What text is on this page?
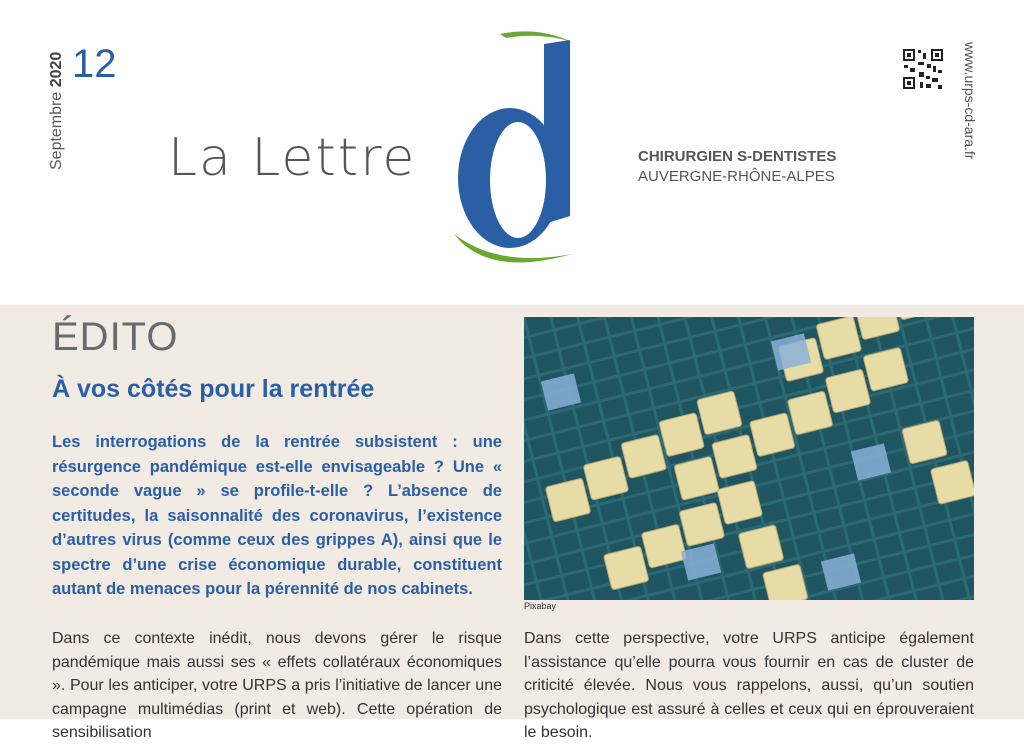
Septembre 2020 12
La Lettre
d
CHIRURGIEN S-DENTISTES
AUVERGNE-RHÔNE-ALPES
www.urps-cd-ara.fr
ÉDITO
À vos côtés pour la rentrée
Les interrogations de la rentrée subsistent : une résurgence pandémique est-elle envisageable ? Une « seconde vague » se profile-t-elle ? L’absence de certitudes, la saisonnalité des coronavirus, l’existence d’autres virus (comme ceux des grippes A), ainsi que le spectre d’une crise économique durable, constituent autant de menaces pour la pérennité de nos cabinets.
Pixabay
Dans ce contexte inédit, nous devons gérer le risque pandémique mais aussi ses « effets collatéraux économiques ». Pour les anticiper, votre URPS a pris l’initiative de lancer une campagne multimédias (print et web). Cette opération de sensibilisation
Dans cette perspective, votre URPS anticipe également l’assistance qu’elle pourra vous fournir en cas de cluster de criticité élevée. Nous vous rappelons, aussi, qu’un soutien psychologique est assuré à celles et ceux qui en éprouveraient le besoin.
